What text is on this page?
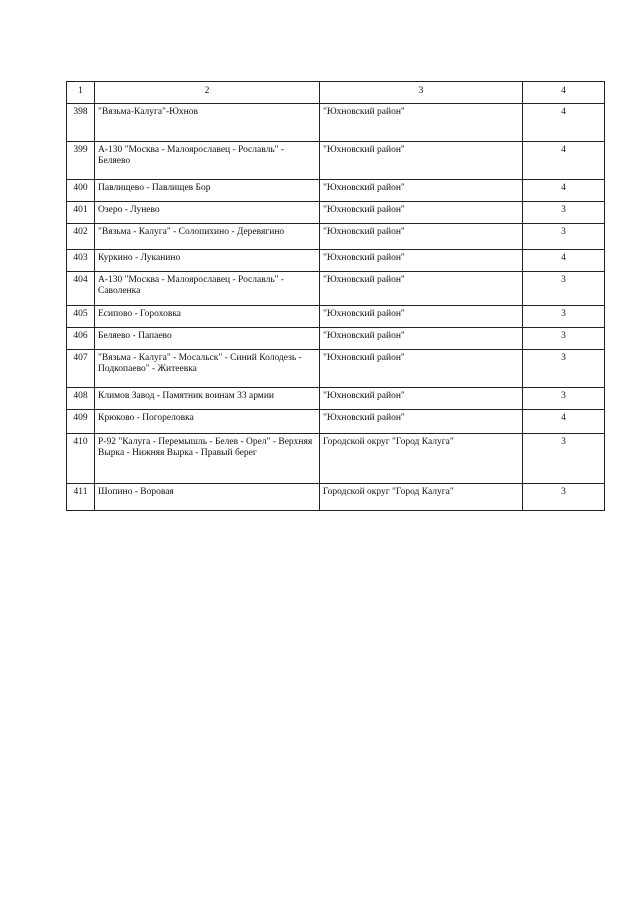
1	2	3	4
398	"Вязьма-Калуга"-Юхнов	"Юхновский район"	4
399	А-130 "Москва - Малоярославец - Рославль" - Беляево	"Юхновский район"	4
400	Павлищево - Павлищев Бор	"Юхновский район"	4
401	Озеро - Лунево	"Юхновский район"	3
402	"Вязьма - Калуга" - Солопихино - Деревягино	"Юхновский район"	3
403	Куркино - Луканино	"Юхновский район"	4
404	А-130 "Москва - Малоярославец - Рославль" - Саволенка	"Юхновский район"	3
405	Есипово - Гороховка	"Юхновский район"	3
406	Беляево - Папаево	"Юхновский район"	3
407	"Вязьма - Калуга" - Мосальск" - Синий Колодезь - Подкопаево" - Житеевка	"Юхновский район"	3
408	Климов Завод - Памятник воинам 33 армии	"Юхновский район"	3
409	Крюково - Погореловка	"Юхновский район"	4
410	Р-92 "Калуга - Перемышль - Белев - Орел" - Верхняя Вырка - Нижняя Вырка - Правый берег	Городской округ "Город Калуга"	3
411	Шопино - Воровая	Городской округ "Город Калуга"	3
